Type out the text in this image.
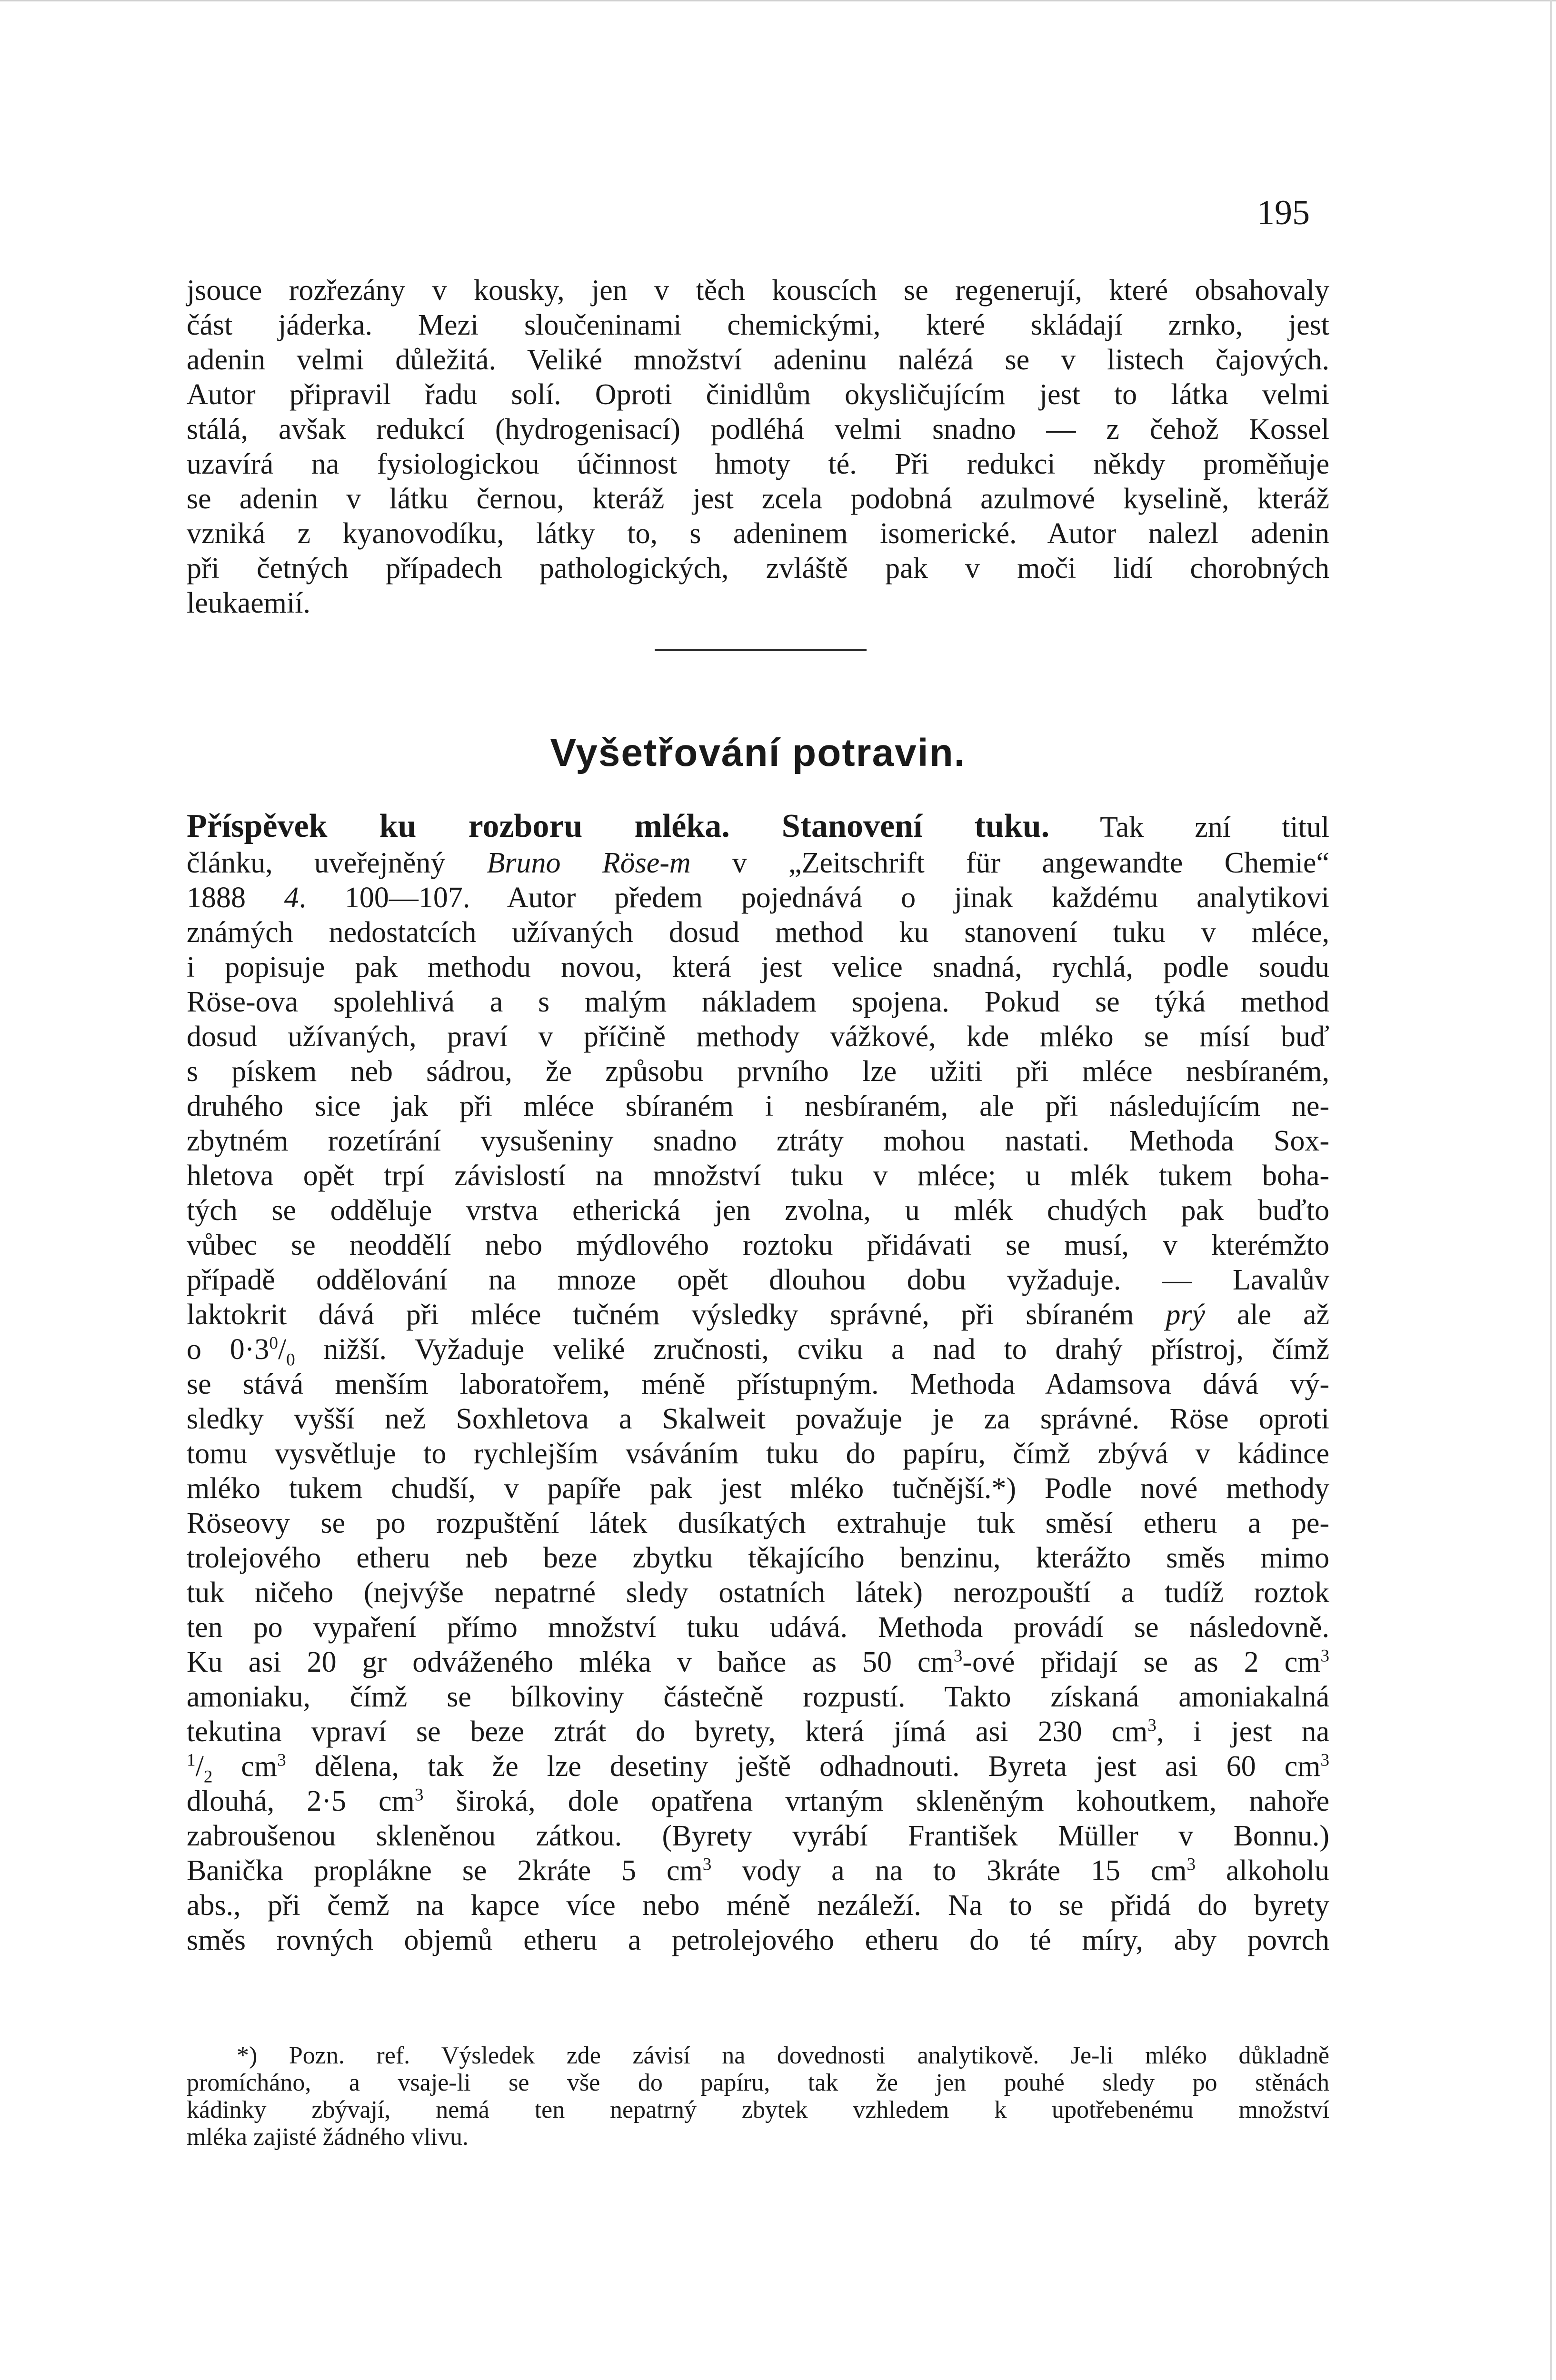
195
jsouce rozřezány v kousky, jen v těch kouscích se regenerují, které obsahovaly
část jáderka. Mezi sloučeninami chemickými, které skládají zrnko, jest
adenin velmi důležitá. Veliké množství adeninu nalézá se v listech čajových.
Autor připravil řadu solí. Oproti činidlům okysličujícím jest to látka velmi
stálá, avšak redukcí (hydrogenisací) podléhá velmi snadno — z čehož Kossel
uzavírá na fysiologickou účinnost hmoty té. Při redukci někdy proměňuje
se adenin v látku černou, kteráž jest zcela podobná azulmové kyselině, kteráž
vzniká z kyanovodíku, látky to, s adeninem isomerické. Autor nalezl adenin
při četných případech pathologických, zvláště pak v moči lidí chorobných
leukaemií.
Vyšetřování potravin.
Příspěvek ku rozboru mléka. Stanovení tuku. Tak zní titul
článku, uveřejněný Bruno Röse-m v „Zeitschrift für angewandte Chemie“
1888 4. 100—107. Autor předem pojednává o jinak každému analytikovi
známých nedostatcích užívaných dosud method ku stanovení tuku v mléce,
i popisuje pak methodu novou, která jest velice snadná, rychlá, podle soudu
Röse-ova spolehlivá a s malým nákladem spojena. Pokud se týká method
dosud užívaných, praví v příčině methody vážkové, kde mléko se mísí buď
s pískem neb sádrou, že způsobu prvního lze užiti při mléce nesbíraném,
druhého sice jak při mléce sbíraném i nesbíraném, ale při následujícím ne-
zbytném rozetírání vysušeniny snadno ztráty mohou nastati. Methoda Sox-
hletova opět trpí závislostí na množství tuku v mléce; u mlék tukem boha-
tých se odděluje vrstva etherická jen zvolna, u mlék chudých pak buďto
vůbec se neoddělí nebo mýdlového roztoku přidávati se musí, v kterémžto
případě oddělování na mnoze opět dlouhou dobu vyžaduje. — Lavalův
laktokrit dává při mléce tučném výsledky správné, při sbíraném prý ale až
o $0\cdot 3^0/_0$ nižší. Vyžaduje veliké zručnosti, cviku a nad to drahý přístroj, čímž
se stává menším laboratořem, méně přístupným. Methoda Adamsova dává vý-
sledky vyšší než Soxhletova a Skalweit považuje je za správné. Röse oproti
tomu vysvětluje to rychlejším vsáváním tuku do papíru, čímž zbývá v kádince
mléko tukem chudší, v papíře pak jest mléko tučnější.*) Podle nové methody
Röseovy se po rozpuštění látek dusíkatých extrahuje tuk směsí etheru a pe-
trolejového etheru neb beze zbytku těkajícího benzinu, kterážto směs mimo
tuk ničeho (nejvýše nepatrné sledy ostatních látek) nerozpouští a tudíž roztok
ten po vypaření přímo množství tuku udává. Methoda provádí se následovně.
Ku asi 20 gr odváženého mléka v baňce as 50 $cm^3$-ové přidají se as 2 $cm^3$
amoniaku, čímž se bílkoviny částečně rozpustí. Takto získaná amoniakalná
tekutina vpraví se beze ztrát do byrety, která jímá asi 230 $cm^3$, i jest na
$^1/_2$ $cm^3$ dělena, tak že lze desetiny ještě odhadnouti. Byreta jest asi 60 $cm^3$
dlouhá, 2·5 $cm^3$ široká, dole opatřena vrtaným skleněným kohoutkem, nahoře
zabroušenou skleněnou zátkou. (Byrety vyrábí František Müller v Bonnu.)
Banička proplákne se 2kráte 5 $cm^3$ vody a na to 3kráte 15 $cm^3$ alkoholu
abs., při čemž na kapce více nebo méně nezáleží. Na to se přidá do byrety
směs rovných objemů etheru a petrolejového etheru do té míry, aby povrch
*) Pozn. ref. Výsledek zde závisí na dovednosti analytikově. Je-li mléko důkladně
promícháno, a vsaje-li se vše do papíru, tak že jen pouhé sledy po stěnách
kádinky zbývají, nemá ten nepatrný zbytek vzhledem k upotřebenému množství
mléka zajisté žádného vlivu.
